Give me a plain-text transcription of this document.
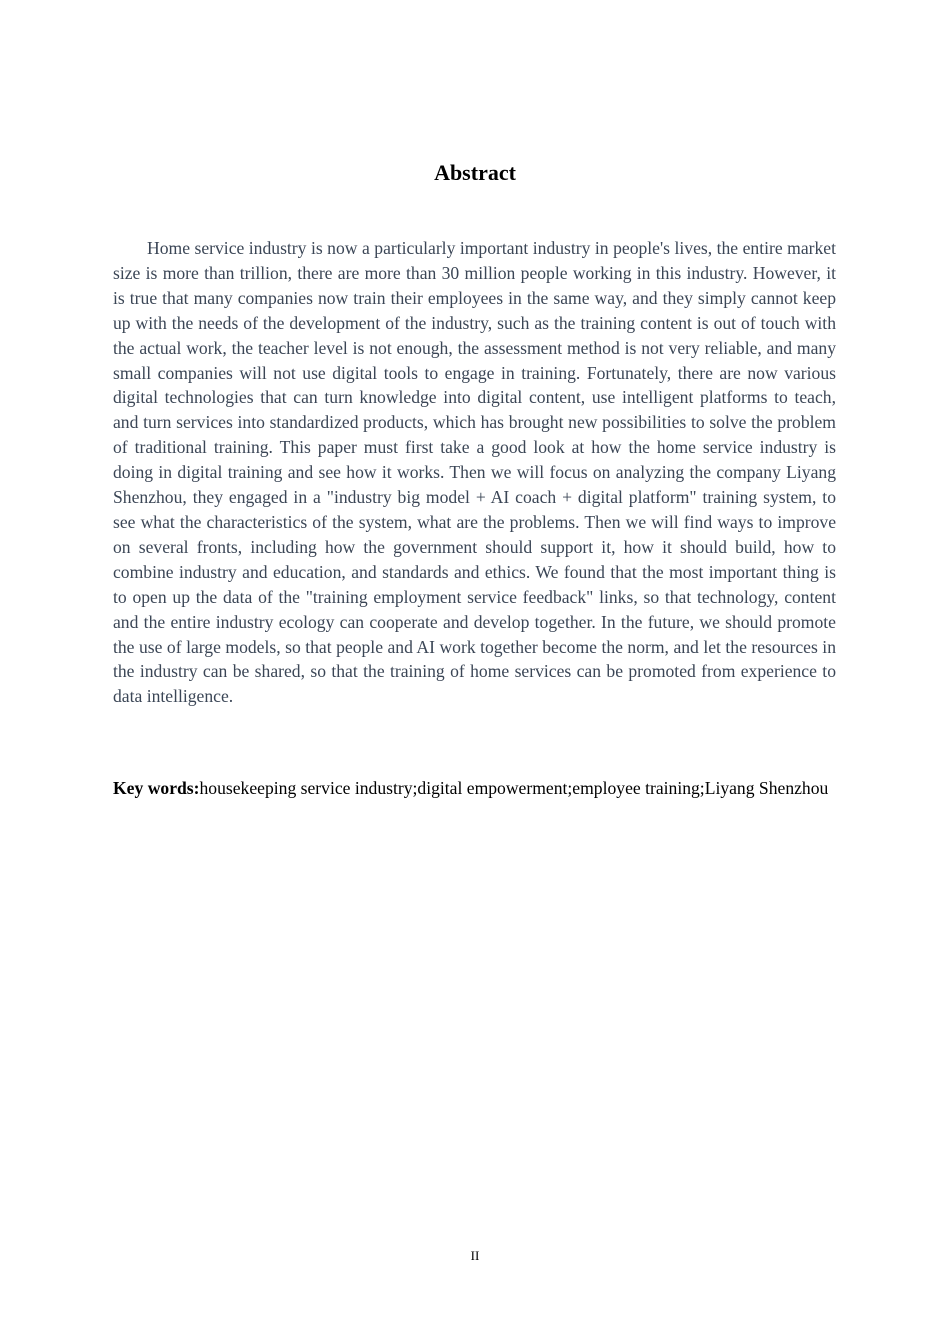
Abstract

Home service industry is now a particularly important industry in people's lives, the entire market size is more than trillion, there are more than 30 million people working in this industry. However, it is true that many companies now train their employees in the same way, and they simply cannot keep up with the needs of the development of the industry, such as the training content is out of touch with the actual work, the teacher level is not enough, the assessment method is not very reliable, and many small companies will not use digital tools to engage in training. Fortunately, there are now various digital technologies that can turn knowledge into digital content, use intelligent platforms to teach, and turn services into standardized products, which has brought new possibilities to solve the problem of traditional training. This paper must first take a good look at how the home service industry is doing in digital training and see how it works. Then we will focus on analyzing the company Liyang Shenzhou, they engaged in a "industry big model + AI coach + digital platform" training system, to see what the characteristics of the system, what are the problems. Then we will find ways to improve on several fronts, including how the government should support it, how it should build, how to combine industry and education, and standards and ethics. We found that the most important thing is to open up the data of the "training employment service feedback" links, so that technology, content and the entire industry ecology can cooperate and develop together. In the future, we should promote the use of large models, so that people and AI work together become the norm, and let the resources in the industry can be shared, so that the training of home services can be promoted from experience to data intelligence.

Key words:housekeeping service industry;digital empowerment;employee training;Liyang Shenzhou

II
